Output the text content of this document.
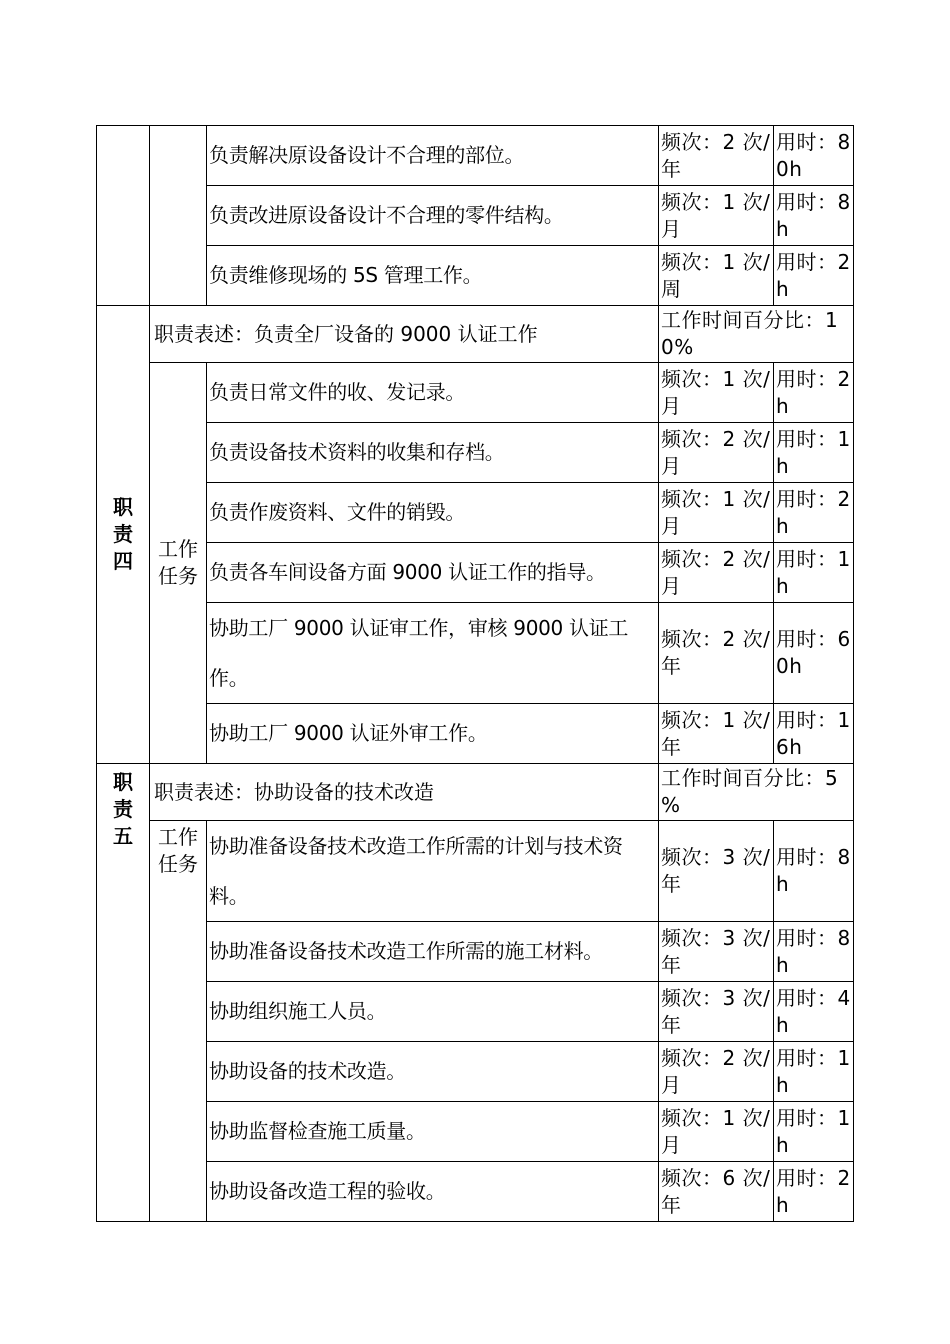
		负责解决原设备设计不合理的部位。	频次：2 次/年	用时：80h
		负责改进原设备设计不合理的零件结构。	频次：1 次/月	用时：8h
		负责维修现场的 5S 管理工作。	频次：1 次/周	用时：2h
职责四	职责表述：负责全厂设备的 9000 认证工作		工作时间百分比：10%	
	工作任务	负责日常文件的收、发记录。	频次：1 次/月	用时：2h
		负责设备技术资料的收集和存档。	频次：2 次/月	用时：1h
		负责作废资料、文件的销毁。	频次：1 次/月	用时：2h
		负责各车间设备方面 9000 认证工作的指导。	频次：2 次/月	用时：1h
		协助工厂 9000 认证审工作，审核 9000 认证工作。	频次：2 次/ 年	用时：60h
		协助工厂 9000 认证外审工作。	频次：1 次/ 年	用时：16h
职责五	职责表述：协助设备的技术改造		工作时间百分比：5 %	
	工作任务	协助准备设备技术改造工作所需的计划与技术资料。	频次：3 次/年	用时：8h
		协助准备设备技术改造工作所需的施工材料。	频次：3 次/年	用时：8h
		协助组织施工人员。	频次：3 次/年	用时：4h
		协助设备的技术改造。	频次：2 次/月	用时：1h
		协助监督检查施工质量。	频次：1 次/月	用时：1h
		协助设备改造工程的验收。	频次：6 次/年	用时：2h
